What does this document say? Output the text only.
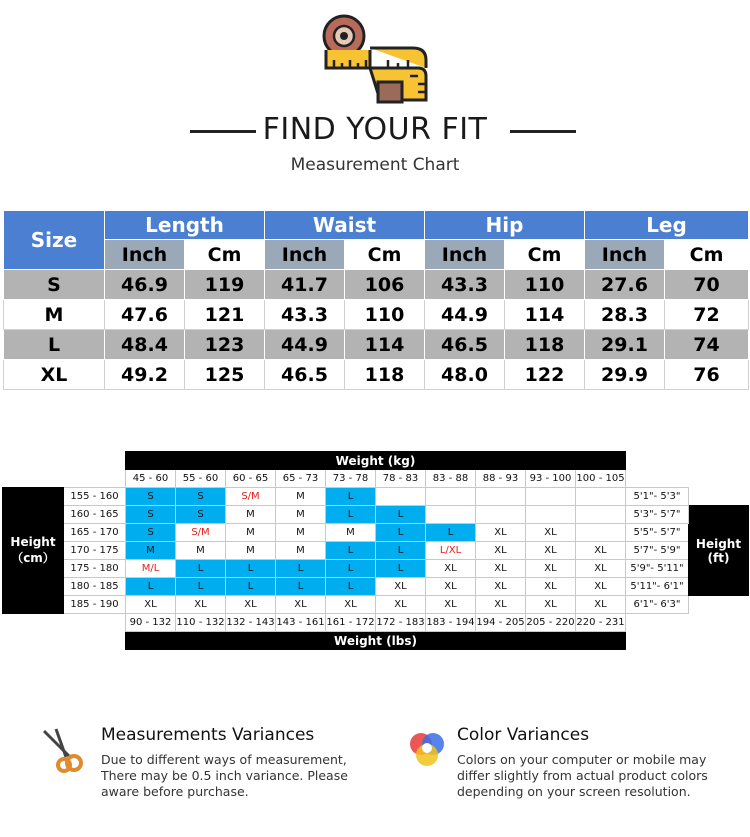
FIND YOUR FIT
Measurement Chart
Size	Length		Waist		Hip		Leg	
	Inch	Cm	Inch	Cm	Inch	Cm	Inch	Cm
S	46.9	119	41.7	106	43.3	110	27.6	70
M	47.6	121	43.3	110	44.9	114	28.3	72
L	48.4	123	44.9	114	46.5	118	29.1	74
XL	49.2	125	46.5	118	48.0	122	29.9	76
		Weight (kg)											
		45 - 60	55 - 60	60 - 65	65 - 73	73 - 78	78 - 83	83 - 88	88 - 93	93 - 100	100 - 105		

Height
（cm）	155 - 160	S	S	S/M	M	L						5'1"- 5'3"	
	160 - 165	S	S	M	M	L	L					5'3"- 5'7"	Height
(ft)

	165 - 170	S	S/M	M	M	M	L	L	XL	XL		5'5"- 5'7"	
	170 - 175	M	M	M	M	L	L	L/XL	XL	XL	XL	5'7"- 5'9"	
	175 - 180	M/L	L	L	L	L	L	XL	XL	XL	XL	5'9"- 5'11"	
	180 - 185	L	L	L	L	L	XL	XL	XL	XL	XL	5'11"- 6'1"	
	185 - 190	XL	XL	XL	XL	XL	XL	XL	XL	XL	XL	6'1"- 6'3"	
		90 - 132	110 - 132	132 - 143	143 - 161	161 - 172	172 - 183	183 - 194	194 - 205	205 - 220	220 - 231		
		Weight (lbs)											
Measurements Variances
Due to different ways of measurement,
There may be 0.5 inch variance. Please
aware before purchase.
Color Variances
Colors on your computer or mobile may
differ slightly from actual product colors
depending on your screen resolution.
